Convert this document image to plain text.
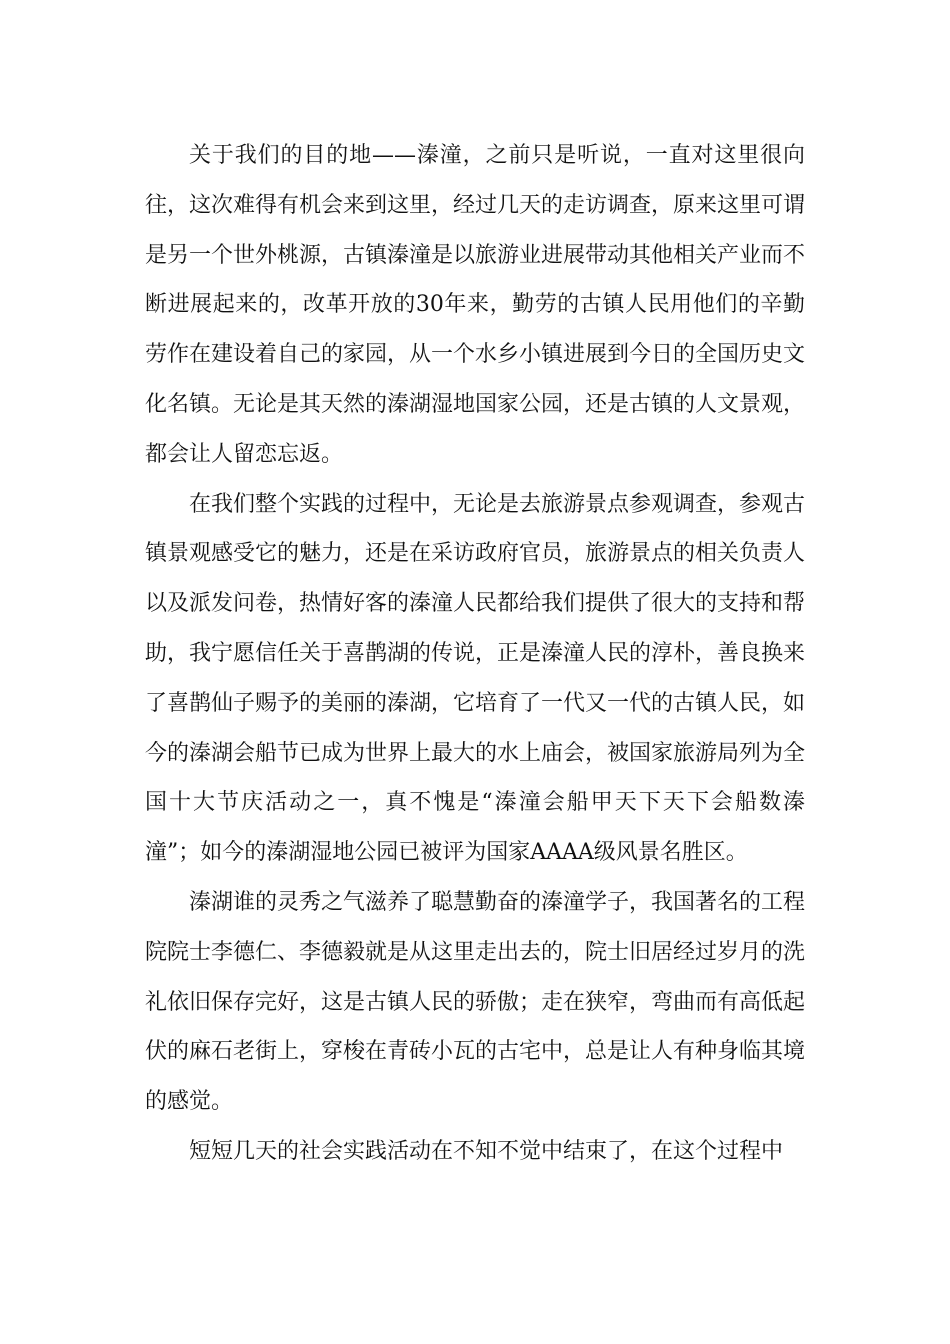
关于我们的目的地——溱潼，之前只是听说，一直对这里很向往，这次难得有机会来到这里，经过几天的走访调查，原来这里可谓是另一个世外桃源，古镇溱潼是以旅游业进展带动其他相关产业而不断进展起来的，改革开放的30年来，勤劳的古镇人民用他们的辛勤劳作在建设着自己的家园，从一个水乡小镇进展到今日的全国历史文化名镇。无论是其天然的溱湖湿地国家公园，还是古镇的人文景观，都会让人留恋忘返。

在我们整个实践的过程中，无论是去旅游景点参观调查，参观古镇景观感受它的魅力，还是在采访政府官员，旅游景点的相关负责人以及派发问卷，热情好客的溱潼人民都给我们提供了很大的支持和帮助，我宁愿信任关于喜鹊湖的传说，正是溱潼人民的淳朴，善良换来了喜鹊仙子赐予的美丽的溱湖，它培育了一代又一代的古镇人民，如今的溱湖会船节已成为世界上最大的水上庙会，被国家旅游局列为全国十大节庆活动之一，真不愧是“溱潼会船甲天下天下会船数溱潼”；如今的溱湖湿地公园已被评为国家AAAA级风景名胜区。

溱湖谁的灵秀之气滋养了聪慧勤奋的溱潼学子，我国著名的工程院院士李德仁、李德毅就是从这里走出去的，院士旧居经过岁月的洗礼依旧保存完好，这是古镇人民的骄傲；走在狭窄，弯曲而有高低起伏的麻石老街上，穿梭在青砖小瓦的古宅中，总是让人有种身临其境的感觉。

短短几天的社会实践活动在不知不觉中结束了，在这个过程中
